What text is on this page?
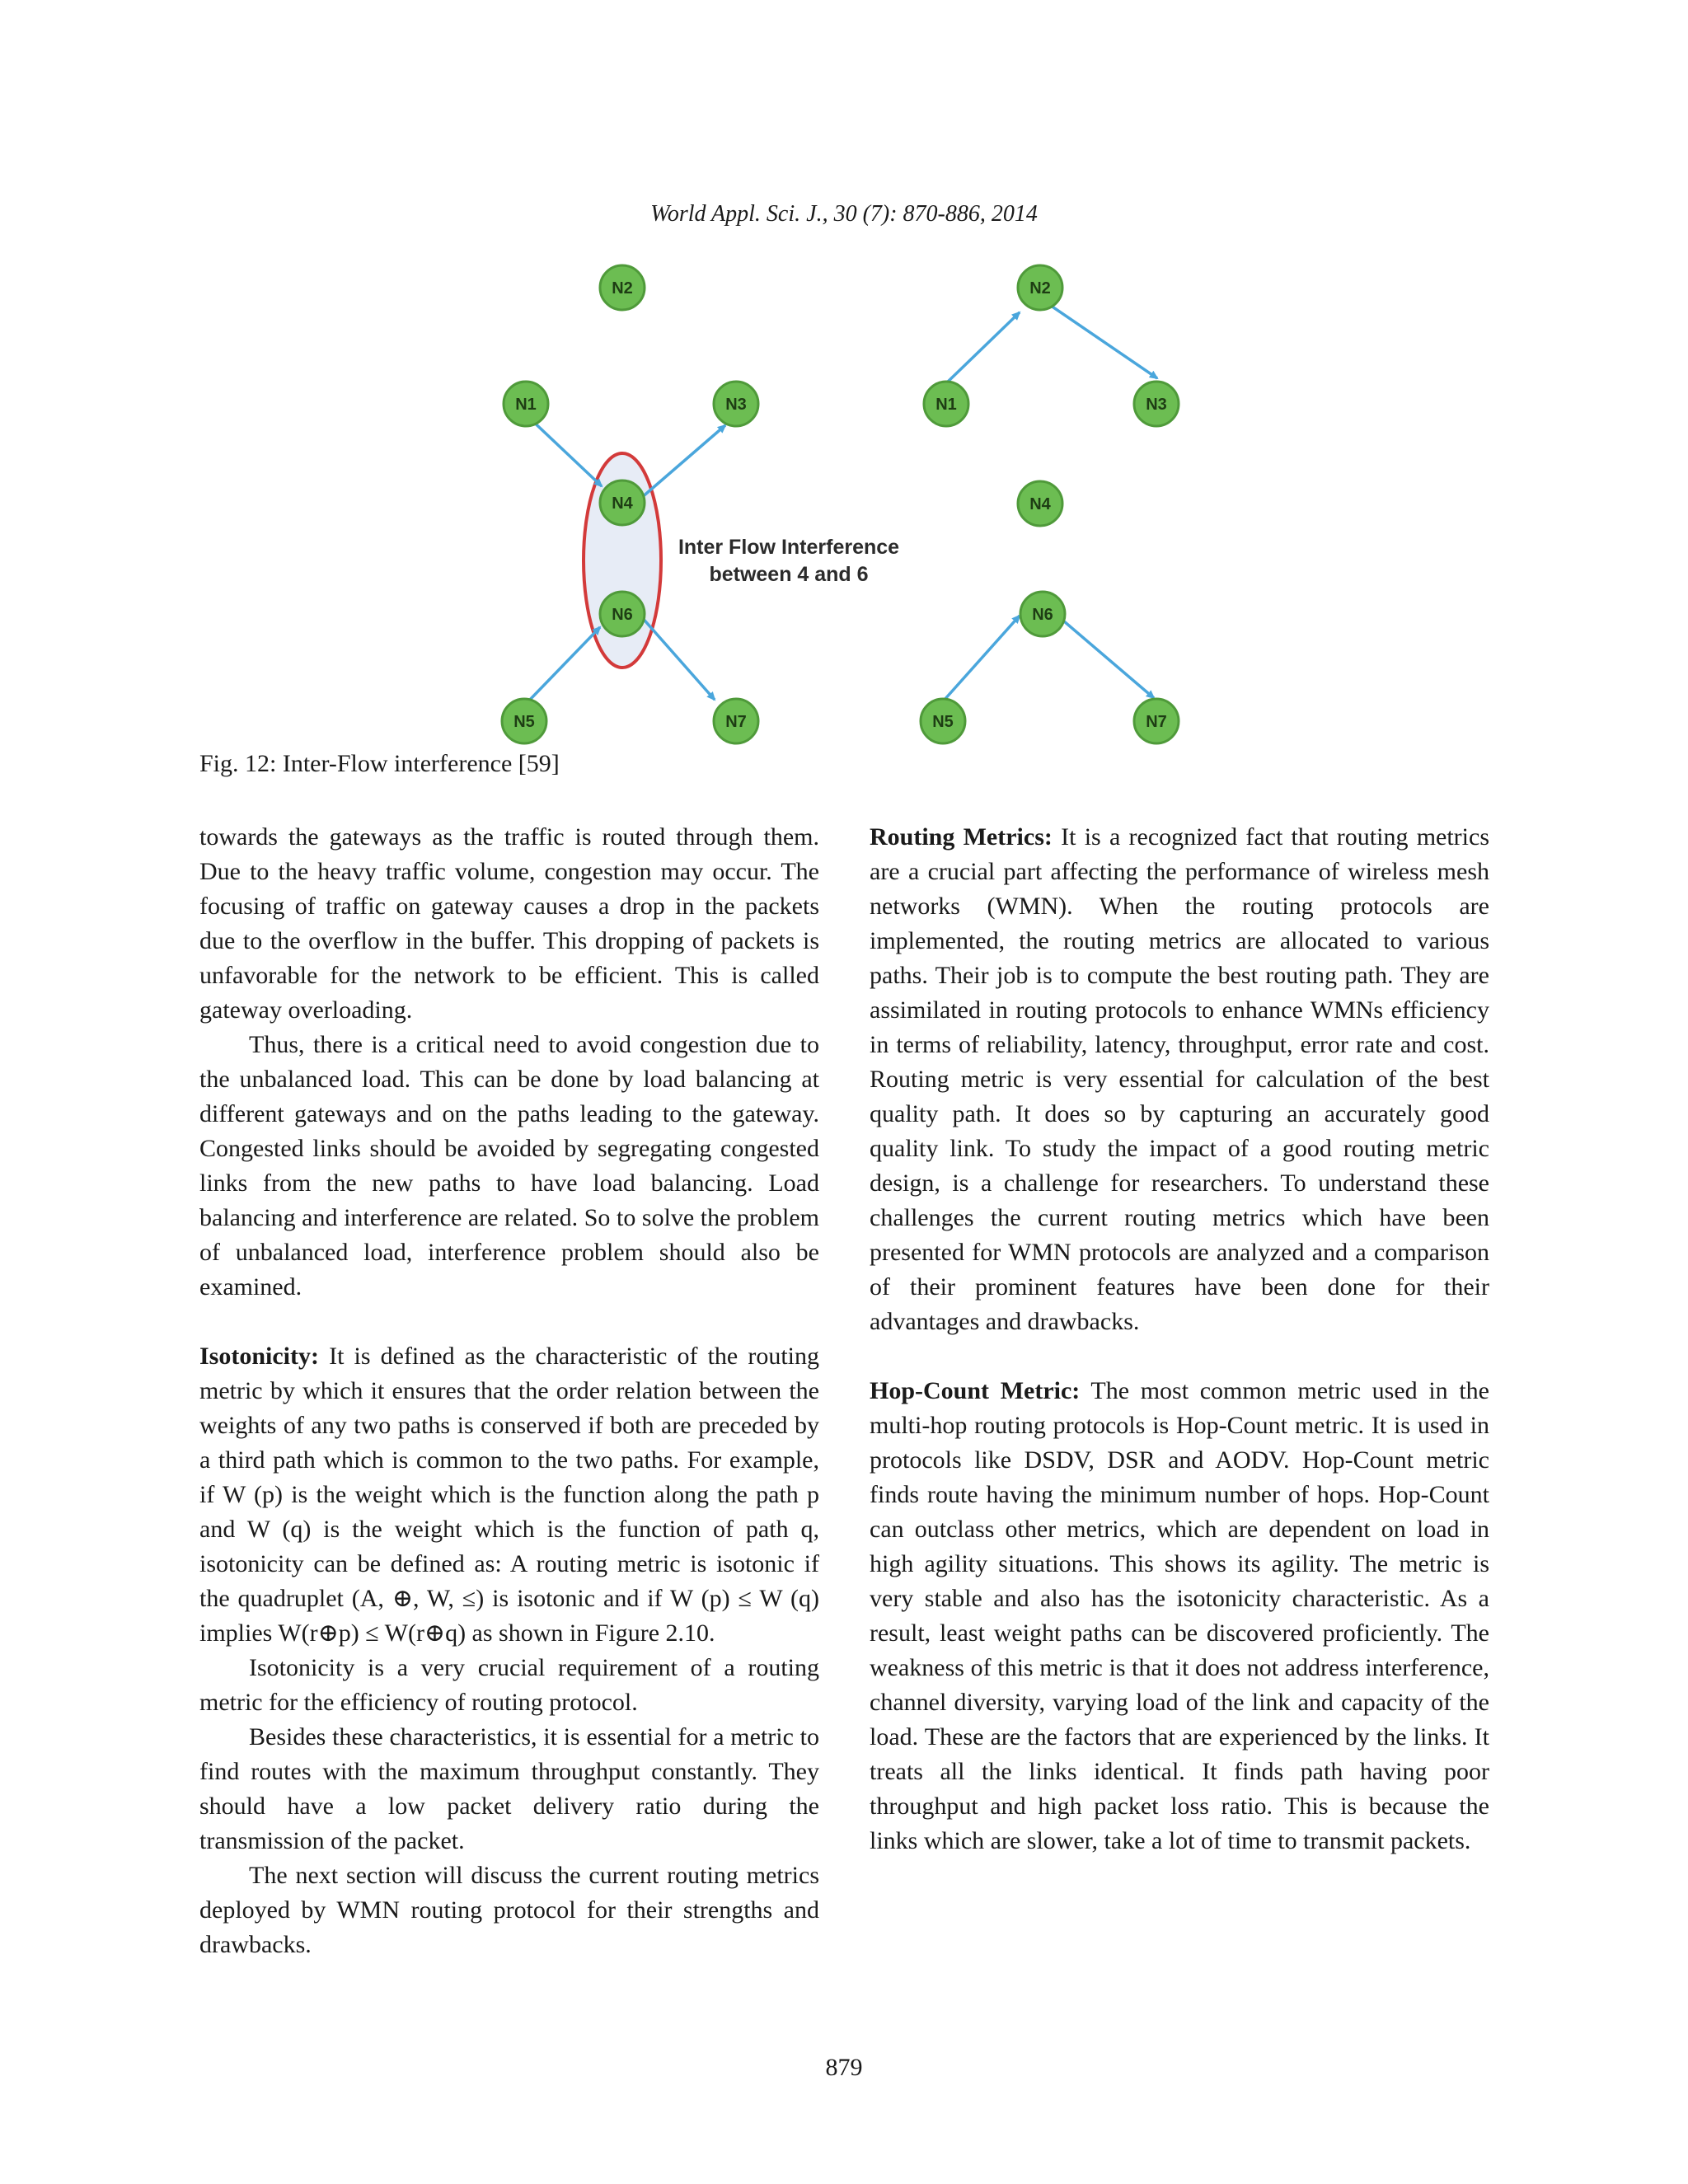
World Appl. Sci. J., 30 (7): 870-886, 2014
N2
N1	N3
N4
N6
N5	N7
Inter Flow Interference
between 4 and 6
N2
N1	N3
N4
N6
N5	N7
Fig. 12: Inter-Flow interference [59]

towards the gateways as the traffic is routed through them. Due to the heavy traffic volume, congestion may occur. The focusing of traffic on gateway causes a drop in the packets due to the overflow in the buffer. This dropping of packets is unfavorable for the network to be efficient. This is called gateway overloading.

Thus, there is a critical need to avoid congestion due to the unbalanced load. This can be done by load balancing at different gateways and on the paths leading to the gateway. Congested links should be avoided by segregating congested links from the new paths to have load balancing. Load balancing and interference are related. So to solve the problem of unbalanced load, interference problem should also be examined.

Isotonicity: It is defined as the characteristic of the routing metric by which it ensures that the order relation between the weights of any two paths is conserved if both are preceded by a third path which is common to the two paths. For example, if W (p) is the weight which is the function along the path p and W (q) is the weight which is the function of path q, isotonicity can be defined as: A routing metric is isotonic if the quadruplet (A, ⊕, W, ≤) is isotonic and if W (p) ≤ W (q) implies W(r⊕p) ≤ W(r⊕q) as shown in Figure 2.10.

Isotonicity is a very crucial requirement of a routing metric for the efficiency of routing protocol.

Besides these characteristics, it is essential for a metric to find routes with the maximum throughput constantly. They should have a low packet delivery ratio during the transmission of the packet.

The next section will discuss the current routing metrics deployed by WMN routing protocol for their strengths and drawbacks.

Routing Metrics: It is a recognized fact that routing metrics are a crucial part affecting the performance of wireless mesh networks (WMN). When the routing protocols are implemented, the routing metrics are allocated to various paths. Their job is to compute the best routing path. They are assimilated in routing protocols to enhance WMNs efficiency in terms of reliability, latency, throughput, error rate and cost. Routing metric is very essential for calculation of the best quality path. It does so by capturing an accurately good quality link. To study the impact of a good routing metric design, is a challenge for researchers. To understand these challenges the current routing metrics which have been presented for WMN protocols are analyzed and a comparison of their prominent features have been done for their advantages and drawbacks.

Hop-Count Metric: The most common metric used in the multi-hop routing protocols is Hop-Count metric. It is used in protocols like DSDV, DSR and AODV. Hop-Count metric finds route having the minimum number of hops. Hop-Count can outclass other metrics, which are dependent on load in high agility situations. This shows its agility. The metric is very stable and also has the isotonicity characteristic. As a result, least weight paths can be discovered proficiently. The weakness of this metric is that it does not address interference, channel diversity, varying load of the link and capacity of the load. These are the factors that are experienced by the links. It treats all the links identical. It finds path having poor throughput and high packet loss ratio. This is because the links which are slower, take a lot of time to transmit packets.

879
